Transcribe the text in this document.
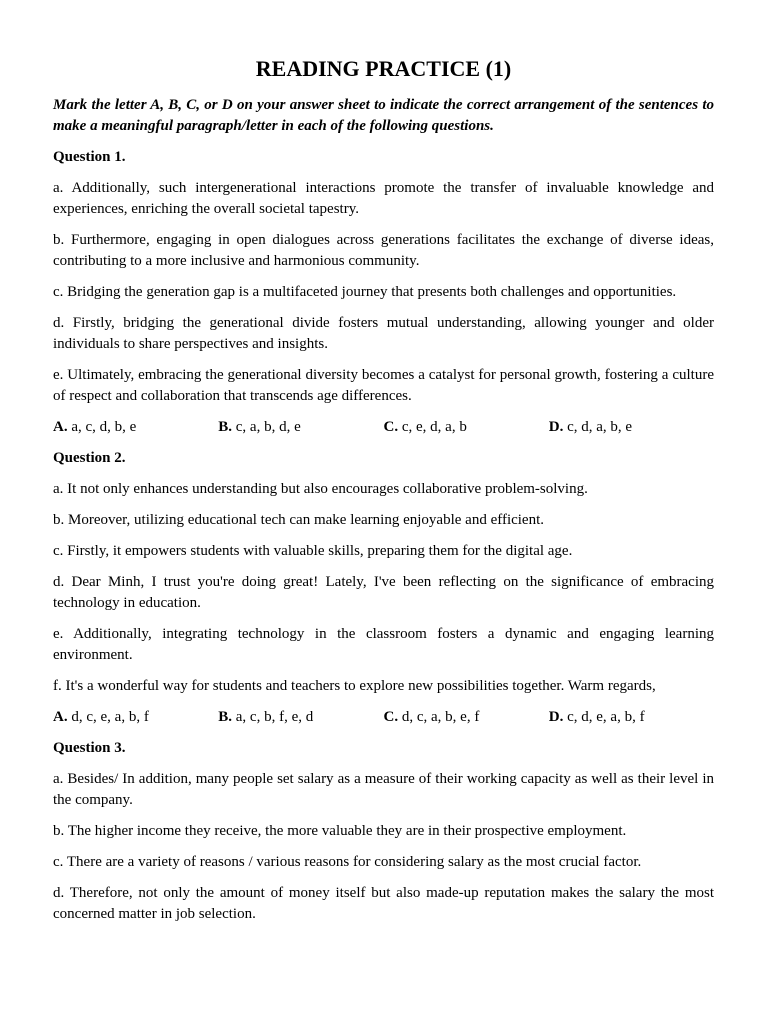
READING PRACTICE (1)
Mark the letter A, B, C, or D on your answer sheet to indicate the correct arrangement of the sentences to make a meaningful paragraph/letter in each of the following questions.
Question 1.
a. Additionally, such intergenerational interactions promote the transfer of invaluable knowledge and experiences, enriching the overall societal tapestry.
b. Furthermore, engaging in open dialogues across generations facilitates the exchange of diverse ideas, contributing to a more inclusive and harmonious community.
c. Bridging the generation gap is a multifaceted journey that presents both challenges and opportunities.
d. Firstly, bridging the generational divide fosters mutual understanding, allowing younger and older individuals to share perspectives and insights.
e. Ultimately, embracing the generational diversity becomes a catalyst for personal growth, fostering a culture of respect and collaboration that transcends age differences.
A. a, c, d, b, e	B. c, a, b, d, e	C. c, e, d, a, b	D. c, d, a, b, e
Question 2.
a. It not only enhances understanding but also encourages collaborative problem-solving.
b. Moreover, utilizing educational tech can make learning enjoyable and efficient.
c. Firstly, it empowers students with valuable skills, preparing them for the digital age.
d. Dear Minh, I trust you're doing great! Lately, I've been reflecting on the significance of embracing technology in education.
e. Additionally, integrating technology in the classroom fosters a dynamic and engaging learning environment.
f. It's a wonderful way for students and teachers to explore new possibilities together. Warm regards,
A. d, c, e, a, b, f	B. a, c, b, f, e, d	C. d, c, a, b, e, f	D. c, d, e, a, b, f
Question 3.
a. Besides/ In addition, many people set salary as a measure of their working capacity as well as their level in the company.
b. The higher income they receive, the more valuable they are in their prospective employment.
c. There are a variety of reasons / various reasons for considering salary as the most crucial factor.
d. Therefore, not only the amount of money itself but also made-up reputation makes the salary the most concerned matter in job selection.
